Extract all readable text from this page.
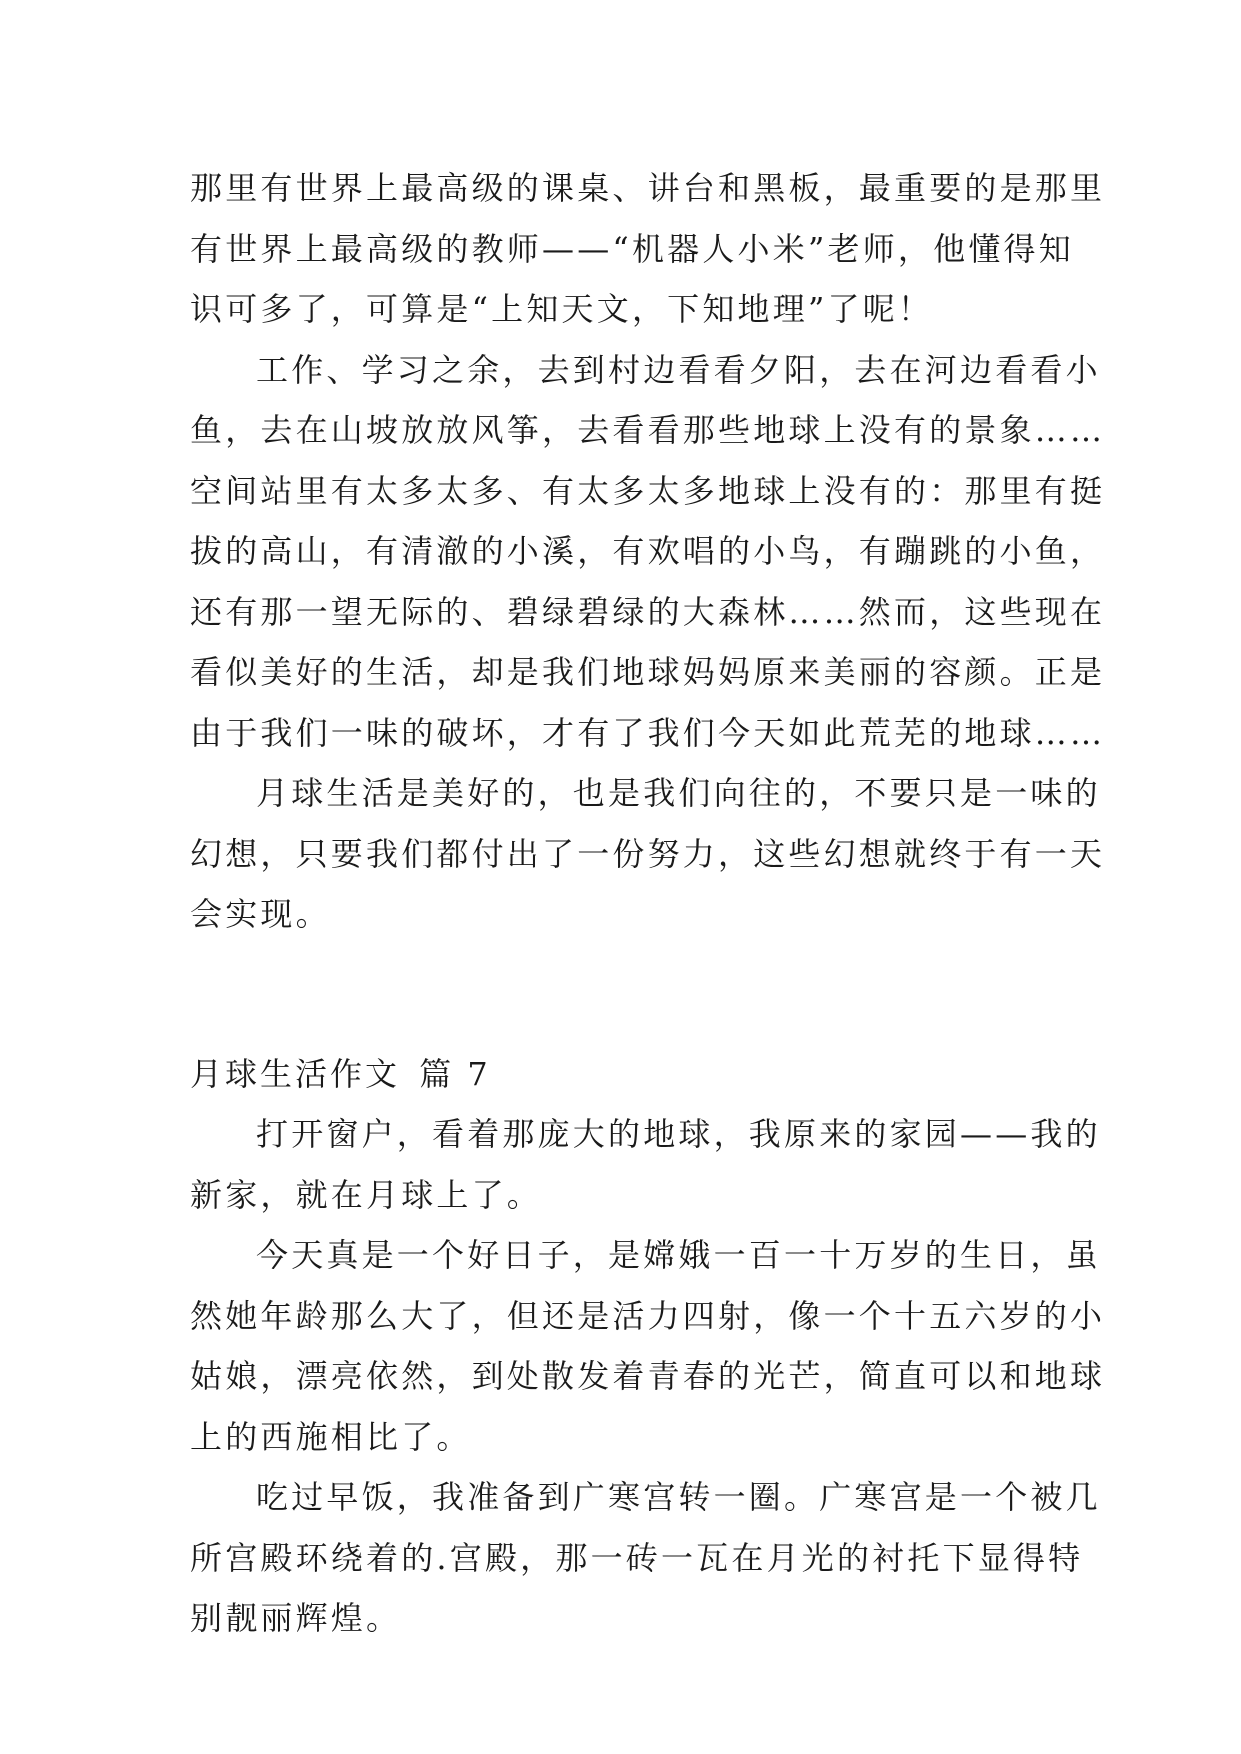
那里有世界上最高级的课桌、讲台和黑板，最重要的是那里
有世界上最高级的教师——“机器人小米”老师，他懂得知
识可多了，可算是“上知天文，下知地理”了呢！
工作、学习之余，去到村边看看夕阳，去在河边看看小
鱼，去在山坡放放风筝，去看看那些地球上没有的景象……
空间站里有太多太多、有太多太多地球上没有的：那里有挺
拔的高山，有清澈的小溪，有欢唱的小鸟，有蹦跳的小鱼，
还有那一望无际的、碧绿碧绿的大森林……然而，这些现在
看似美好的生活，却是我们地球妈妈原来美丽的容颜。正是
由于我们一味的破坏，才有了我们今天如此荒芜的地球……
月球生活是美好的，也是我们向往的，不要只是一味的
幻想，只要我们都付出了一份努力，这些幻想就终于有一天
会实现。
月球生活作文 篇 7
打开窗户，看着那庞大的地球，我原来的家园——我的
新家，就在月球上了。
今天真是一个好日子，是嫦娥一百一十万岁的生日，虽
然她年龄那么大了，但还是活力四射，像一个十五六岁的小
姑娘，漂亮依然，到处散发着青春的光芒，简直可以和地球
上的西施相比了。
吃过早饭，我准备到广寒宫转一圈。广寒宫是一个被几
所宫殿环绕着的.宫殿，那一砖一瓦在月光的衬托下显得特
别靓丽辉煌。
